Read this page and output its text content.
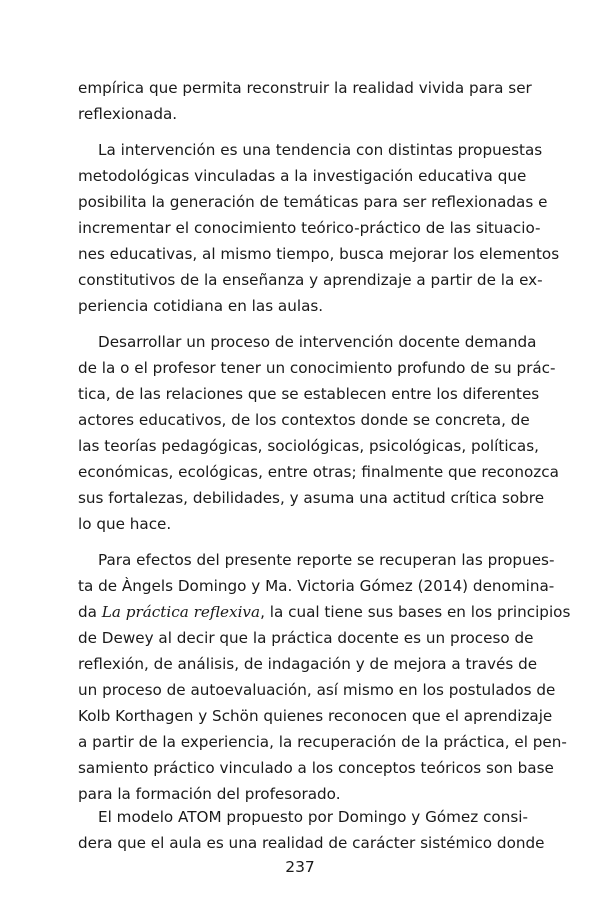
empírica que permita reconstruir la realidad vivida para ser
reflexionada.
La intervención es una tendencia con distintas propuestas
metodológicas vinculadas a la investigación educativa que
posibilita la generación de temáticas para ser reflexionadas e
incrementar el conocimiento teórico-práctico de las situacio-
nes educativas, al mismo tiempo, busca mejorar los elementos
constitutivos de la enseñanza y aprendizaje a partir de la ex-
periencia cotidiana en las aulas.
Desarrollar un proceso de intervención docente demanda
de la o el profesor tener un conocimiento profundo de su prác-
tica, de las relaciones que se establecen entre los diferentes
actores educativos, de los contextos donde se concreta, de
las teorías pedagógicas, sociológicas, psicológicas, políticas,
económicas, ecológicas, entre otras; finalmente que reconozca
sus fortalezas, debilidades, y asuma una actitud crítica sobre
lo que hace.
Para efectos del presente reporte se recuperan las propues-
ta de Àngels Domingo y Ma. Victoria Gómez (2014) denomina-
da La práctica reflexiva, la cual tiene sus bases en los principios
de Dewey al decir que la práctica docente es un proceso de
reflexión, de análisis, de indagación y de mejora a través de
un proceso de autoevaluación, así mismo en los postulados de
Kolb Korthagen y Schön quienes reconocen que el aprendizaje
a partir de la experiencia, la recuperación de la práctica, el pen-
samiento práctico vinculado a los conceptos teóricos son base
para la formación del profesorado.
El modelo ATOM propuesto por Domingo y Gómez consi-
dera que el aula es una realidad de carácter sistémico donde
237
